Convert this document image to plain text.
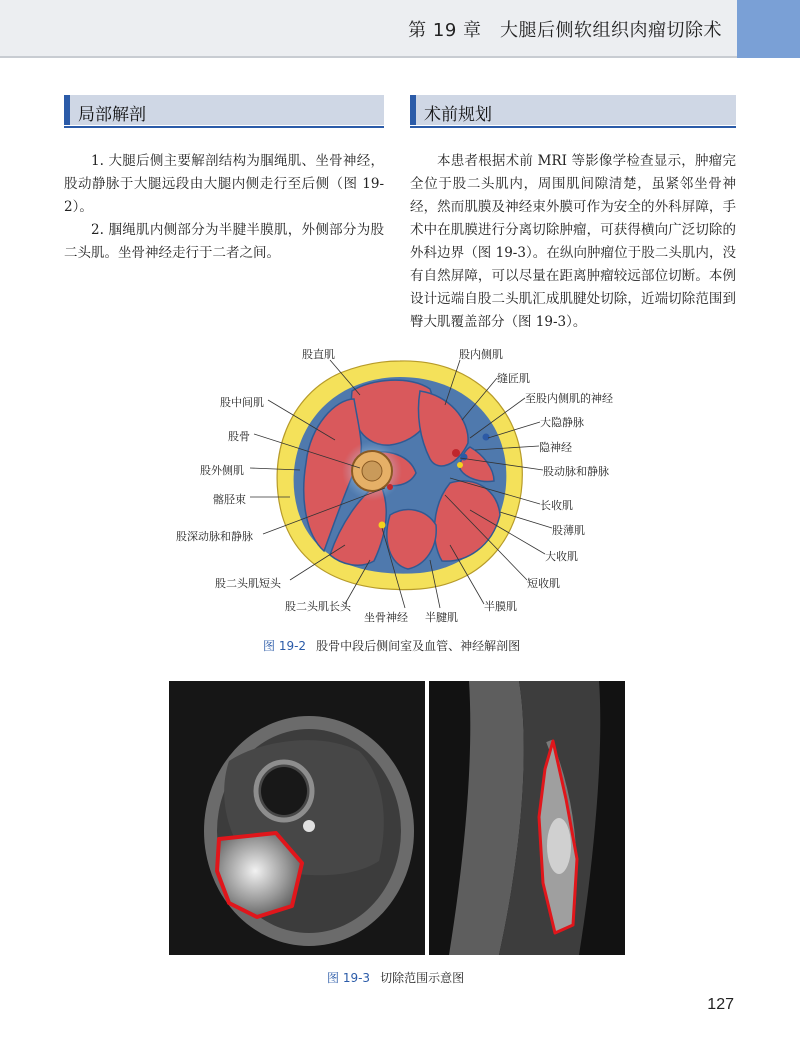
第 19 章　大腿后侧软组织肉瘤切除术
局部解剖

1. 大腿后侧主要解剖结构为腘绳肌、坐骨神经，股动静脉于大腿远段由大腿内侧走行至后侧（图 19-2）。

2. 腘绳肌内侧部分为半腱半膜肌，外侧部分为股二头肌。坐骨神经走行于二者之间。

术前规划

本患者根据术前 MRI 等影像学检查显示，肿瘤完全位于股二头肌内，周围肌间隙清楚，虽紧邻坐骨神经，然而肌膜及神经束外膜可作为安全的外科屏障，手术中在肌膜进行分离切除肿瘤，可获得横向广泛切除的外科边界（图 19-3）。在纵向肿瘤位于股二头肌内，没有自然屏障，可以尽量在距离肿瘤较远部位切断。本例设计远端自股二头肌汇成肌腱处切除，近端切除范围到臀大肌覆盖部分（图 19-3）。

股直肌	股内侧肌
缝匠肌
至股内侧肌的神经
大隐静脉
隐神经
股动脉和静脉
长收肌
股薄肌
大收肌
短收肌
半膜肌
股中间肌
股骨
股外侧肌
髂胫束
股深动脉和静脉
股二头肌短头
股二头肌长头
坐骨神经 半腱肌
图 19-2 股骨中段后侧间室及血管、神经解剖图
图 19-3 切除范围示意图
127
